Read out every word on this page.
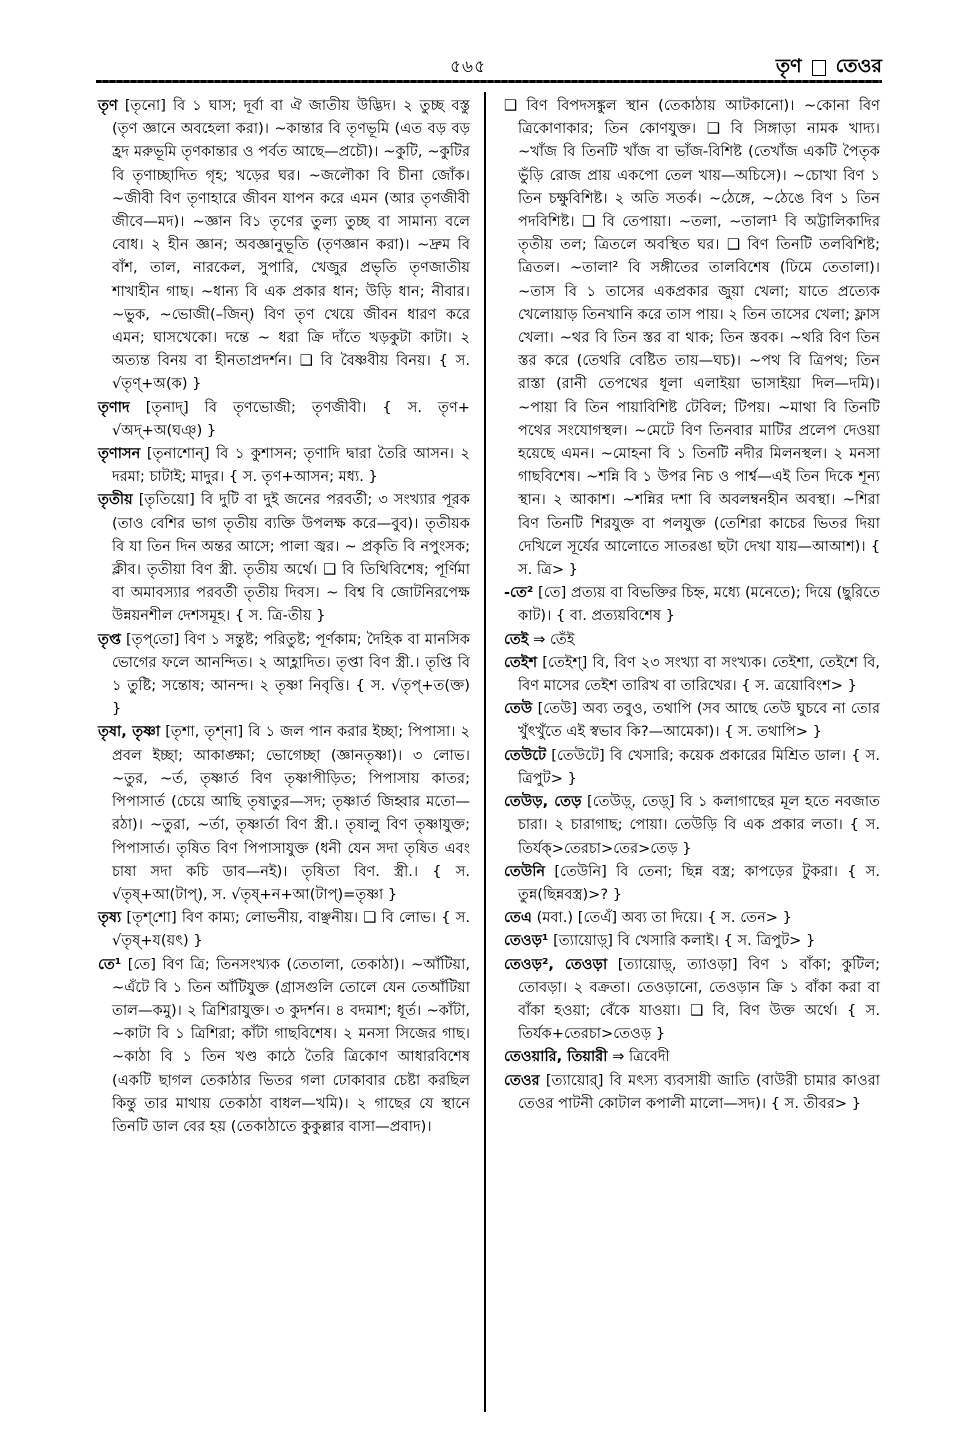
৫৬৫	তৃণ তেওর

তৃণ [তৃনো] বি ১ ঘাস; দূর্বা বা ঐ জাতীয় উদ্ভিদ। ২ তুচ্ছ বস্তু (তৃণ জ্ঞানে অবহেলা করা)। ~কান্তার বি তৃণভূমি (এত বড় বড় হ্রদ মরুভূমি তৃণকান্তার ও পর্বত আছে—প্রচৌ)। ~কুটি, ~কুটির বি তৃণাচ্ছাদিত গৃহ; খড়ের ঘর। ~জলৌকা বি চীনা জোঁক। ~জীবী বিণ তৃণাহারে জীবন যাপন করে এমন (আর তৃণজীবী জীবে—মদ)। ~জ্ঞান বি১ তৃণের তুল্য তুচ্ছ বা সামান্য বলে বোধ। ২ হীন জ্ঞান; অবজ্ঞানুভূতি (তৃণজ্ঞান করা)। ~দ্রুম বি বাঁশ, তাল, নারকেল, সুপারি, খেজুর প্রভৃতি তৃণজাতীয় শাখাহীন গাছ। ~ধান্য বি এক প্রকার ধান; উড়ি ধান; নীবার। ~ভুক, ~ভোজী(–জিন্) বিণ তৃণ খেয়ে জীবন ধারণ করে এমন; ঘাসখেকো। দন্তে ~ ধরা ক্রি দাঁতে খড়কুটা কাটা। ২ অত্যন্ত বিনয় বা হীনতাপ্রদর্শন। ❑ বি বৈষ্ণবীয় বিনয়। { স. √তৃণ্+অ(ক) }

তৃণাদ [তৃনাদ্] বি তৃণভোজী; তৃণজীবী। { স. তৃণ+ √অদ্+অ(ঘঞ্) }

তৃণাসন [তৃনাশোন্] বি ১ কুশাসন; তৃণাদি দ্বারা তৈরি আসন। ২ দরমা; চাটাই; মাদুর। { স. তৃণ+আসন; মধ্য. }

তৃতীয় [তৃতিয়ো] বি দুটি বা দুই জনের পরবর্তী; ৩ সংখ্যার পূরক (তাও বেশির ভাগ তৃতীয় ব্যক্তি উপলক্ষ করে—বুব)। তৃতীয়ক বি যা তিন দিন অন্তর আসে; পালা জ্বর। ~ প্রকৃতি বি নপুংসক; ক্লীব। তৃতীয়া বিণ স্ত্রী. তৃতীয় অর্থে। ❑ বি তিথিবিশেষ; পূর্ণিমা বা অমাবস্যার পরবর্তী তৃতীয় দিবস। ~ বিশ্ব বি জোটনিরপেক্ষ উন্নয়নশীল দেশসমূহ। { স. ত্রি-তীয় }

তৃপ্ত [তৃপ্‌তো] বিণ ১ সন্তুষ্ট; পরিতুষ্ট; পূর্ণকাম; দৈহিক বা মানসিক ভোগের ফলে আনন্দিত। ২ আহ্লাদিত। তৃপ্তা বিণ স্ত্রী.। তৃপ্তি বি ১ তুষ্টি; সন্তোষ; আনন্দ। ২ তৃষ্ণা নিবৃত্তি। { স. √তৃপ্+ত(ক্ত) }

তৃষা, তৃষ্ণা [তৃশা, তৃশ্‌না] বি ১ জল পান করার ইচ্ছা; পিপাসা। ২ প্রবল ইচ্ছা; আকাঙ্ক্ষা; ভোগেচ্ছা (জ্ঞানতৃষ্ণা)। ৩ লোভ। ~তুর, ~র্ত, তৃষ্ণার্ত বিণ তৃষ্ণাপীড়িত; পিপাসায় কাতর; পিপাসার্ত (চেয়ে আছি তৃষাতুর—সদ; তৃষ্ণার্ত জিহ্বার মতো—রঠা)। ~তুরা, ~র্তা, তৃষ্ণার্তা বিণ স্ত্রী.। তৃষালু বিণ তৃষ্ণাযুক্ত; পিপাসার্ত। তৃষিত বিণ পিপাসাযুক্ত (ধনী যেন সদা তৃষিত এবং চাষা সদা কচি ডাব—নই)। তৃষিতা বিণ. স্ত্রী.। { স. √তৃষ্+আ(টাপ্), স. √তৃষ্+ন+আ(টাপ্)=তৃষ্ণা }

তৃষ্য [তৃশ্‌শো] বিণ কাম্য; লোভনীয়, বাঞ্ছনীয়। ❑ বি লোভ। { স. √তৃষ্+য(য়ৎ) }

তে¹ [তে] বিণ ত্রি; তিনসংখ্যক (তেতালা, তেকাঠা)। ~আঁটিয়া, ~এঁটে বি ১ তিন আঁটিযুক্ত (গ্রাসগুলি তোলে যেন তেআঁটিয়া তাল—কমু)। ২ ত্রিশিরাযুক্ত। ৩ কুদর্শন। ৪ বদমাশ; ধূর্ত। ~কাঁটা, ~কাটা বি ১ ত্রিশিরা; কাঁটা গাছবিশেষ। ২ মনসা সিজের গাছ। ~কাঠা বি ১ তিন খণ্ড কাঠে তৈরি ত্রিকোণ আধারবিশেষ (একটি ছাগল তেকাঠার ভিতর গলা ঢোকাবার চেষ্টা করছিল কিন্তু তার মাথায় তেকাঠা বাধল—খমি)। ২ গাছের যে স্থানে তিনটি ডাল বের হয় (তেকাঠাতে কুকুল্লার বাসা—প্রবাদ)।

❑ বিণ বিপদসঙ্কুল স্থান (তেকাঠায় আটকানো)। ~কোনা বিণ ত্রিকোণাকার; তিন কোণযুক্ত। ❑ বি সিঙ্গাড়া নামক খাদ্য। ~খাঁজ বি তিনটি খাঁজ বা ভাঁজ-বিশিষ্ট (তেখাঁজ একটি পৈতৃক ভুঁড়ি রোজ প্রায় একপো তেল খায়—অচিসে)। ~চোখা বিণ ১ তিন চক্ষুবিশিষ্ট। ২ অতি সতর্ক। ~ঠেঙ্গে, ~ঠেঙে বিণ ১ তিন পদবিশিষ্ট। ❑ বি তেপায়া। ~তলা, ~তালা¹ বি অট্টালিকাদির তৃতীয় তল; ত্রিতলে অবস্থিত ঘর। ❑ বিণ তিনটি তলবিশিষ্ট; ত্রিতল। ~তালা² বি সঙ্গীতের তালবিশেষ (ঢিমে তেতালা)। ~তাস বি ১ তাসের একপ্রকার জুয়া খেলা; যাতে প্রত্যেক খেলোয়াড় তিনখানি করে তাস পায়। ২ তিন তাসের খেলা; ফ্লাস খেলা। ~থর বি তিন স্তর বা থাক; তিন স্তবক। ~থরি বিণ তিন স্তর করে (তেথরি বেষ্টিত তায়—ঘচ)। ~পথ বি ত্রিপথ; তিন রাস্তা (রানী তেপথের ধূলা এলাইয়া ভাসাইয়া দিল—দমি)। ~পায়া বি তিন পায়াবিশিষ্ট টেবিল; টিপয়। ~মাথা বি তিনটি পথের সংযোগস্থল। ~মেটে বিণ তিনবার মাটির প্রলেপ দেওয়া হয়েছে এমন। ~মোহনা বি ১ তিনটি নদীর মিলনস্থল। ২ মনসা গাছবিশেষ। ~শন্নি বি ১ উপর নিচ ও পার্শ্ব—এই তিন দিকে শূন্য স্থান। ২ আকাশ। ~শন্নির দশা বি অবলম্বনহীন অবস্থা। ~শিরা বিণ তিনটি শিরযুক্ত বা পলযুক্ত (তেশিরা কাচের ভিতর দিয়া দেখিলে সূর্যের আলোতে সাতরঙা ছটা দেখা যায়—আআশ)। { স. ত্রি> }

-তে² [তে] প্রত্যয় বা বিভক্তির চিহ্ন, মধ্যে (মনেতে); দিয়ে (ছুরিতে কাট)। { বা. প্রত্যয়বিশেষ }

তেই ⇒ তেঁই

তেইশ [তেইশ্] বি, বিণ ২৩ সংখ্যা বা সংখ্যক। তেইশা, তেইশে বি, বিণ মাসের তেইশ তারিখ বা তারিখের। { স. ত্রয়োবিংশ> }

তেউ [তেউ] অব্য তবুও, তথাপি (সব আছে তেউ ঘুচবে না তোর খুঁৎখুঁতে এই স্বভাব কি?—আমেকা)। { স. তথাপি> }

তেউটে [তেউটে] বি খেসারি; কয়েক প্রকারের মিশ্রিত ডাল। { স. ত্রিপুট> }

তেউড়, তেড় [তেউড়্, তেড়্] বি ১ কলাগাছের মূল হতে নবজাত চারা। ২ চারাগাছ; পোয়া। তেউড়ি বি এক প্রকার লতা। { স. তির্যক্>তেরচা>তের>তেড় }

তেউনি [তেউনি] বি তেনা; ছিন্ন বস্ত্র; কাপড়ের টুকরা। { স. তুন্ন(ছিন্নবস্ত্র)>? }

তেএ (মবা.) [তেএঁ] অব্য তা দিয়ে। { স. তেন> }

তেওড়¹ [ত্যায়োড়্] বি খেসারি কলাই। { স. ত্রিপুট> }

তেওড়², তেওড়া [ত্যায়োড়্, ত্যাওড়া] বিণ ১ বাঁকা; কুটিল; তোবড়া। ২ বক্রতা। তেওড়ানো, তেওড়ান ক্রি ১ বাঁকা করা বা বাঁকা হওয়া; বেঁকে যাওয়া। ❑ বি, বিণ উক্ত অর্থে। { স. তির্যক+তেরচা>তেওড় }

তেওয়ারি, তিয়ারী ⇒ ত্রিবেদী

তেওর [ত্যায়োর্] বি মৎস্য ব্যবসায়ী জাতি (বাউরী চামার কাওরা তেওর পাটনী কোটাল কপালী মালো—সদ)। { স. তীবর> }
